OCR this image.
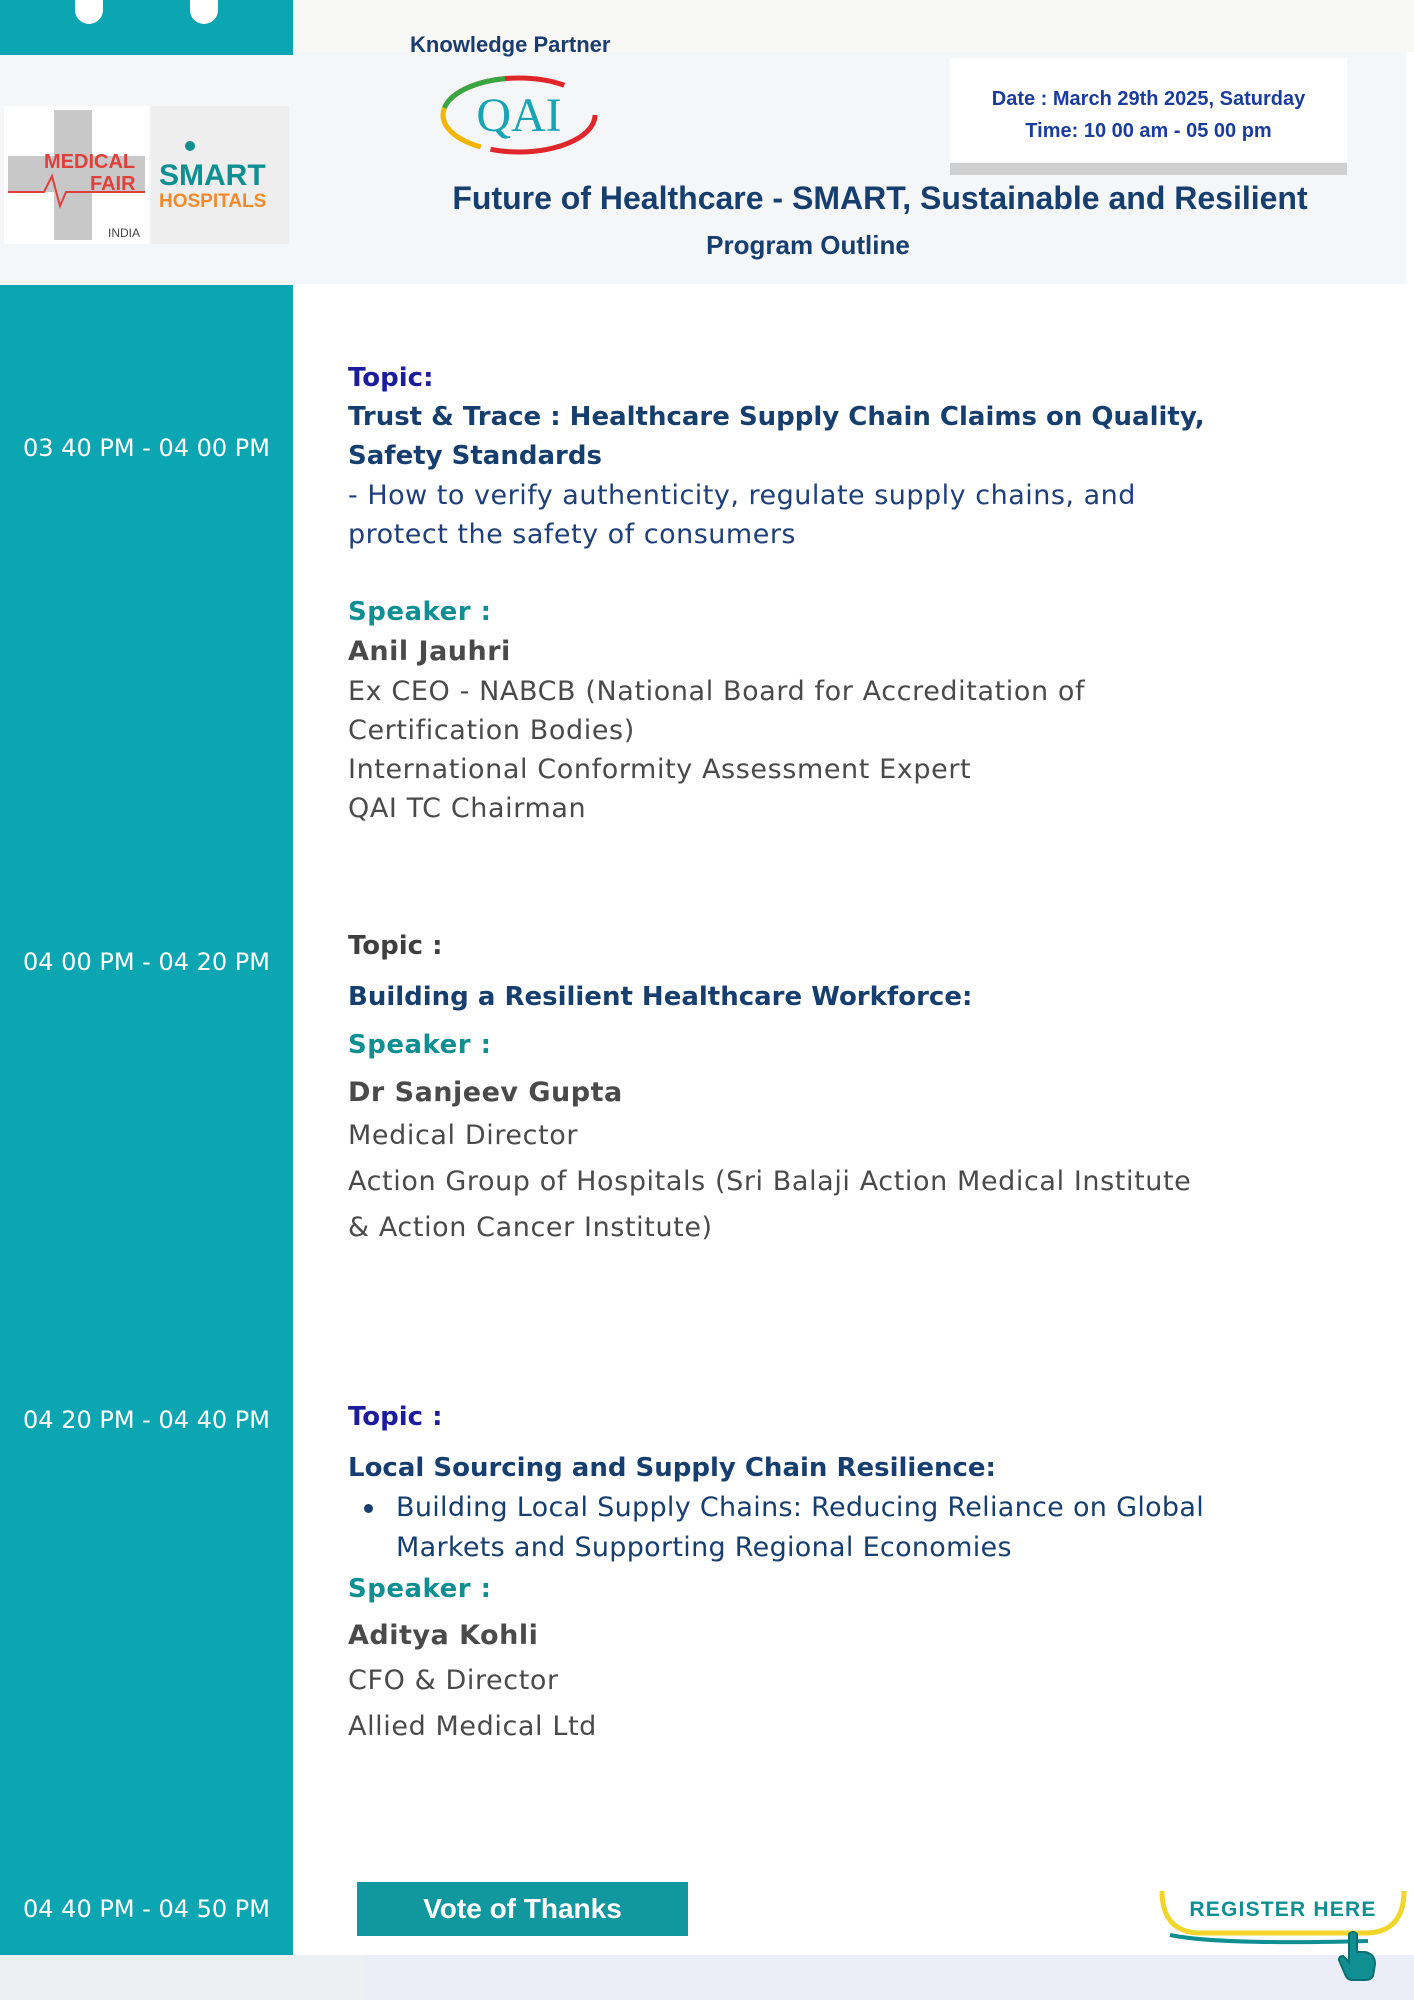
MEDICAL
FAIR
INDIA
SMART
HOSPITALS
Knowledge Partner
QAI	Date : March 29th 2025, Saturday
Time: 10 00 am - 05 00 pm
Future of Healthcare - SMART, Sustainable and Resilient
Program Outline
03 40 PM - 04 00 PM
04 00 PM - 04 20 PM
04 20 PM - 04 40 PM
04 40 PM - 04 50 PM
Topic:
Trust & Trace : Healthcare Supply Chain Claims on Quality,
Safety Standards
- How to verify authenticity, regulate supply chains, and
protect the safety of consumers
Speaker :
Anil Jauhri
Ex CEO - NABCB (National Board for Accreditation of
Certification Bodies)
International Conformity Assessment Expert
QAI TC Chairman
Topic :
Building a Resilient Healthcare Workforce:
Speaker :
Dr Sanjeev Gupta
Medical Director
Action Group of Hospitals (Sri Balaji Action Medical Institute
& Action Cancer Institute)
Topic :
Local Sourcing and Supply Chain Resilience:
Building Local Supply Chains: Reducing Reliance on Global
Markets and Supporting Regional Economies
Speaker :
Aditya Kohli
CFO & Director
Allied Medical Ltd
Vote of Thanks	REGISTER HERE
